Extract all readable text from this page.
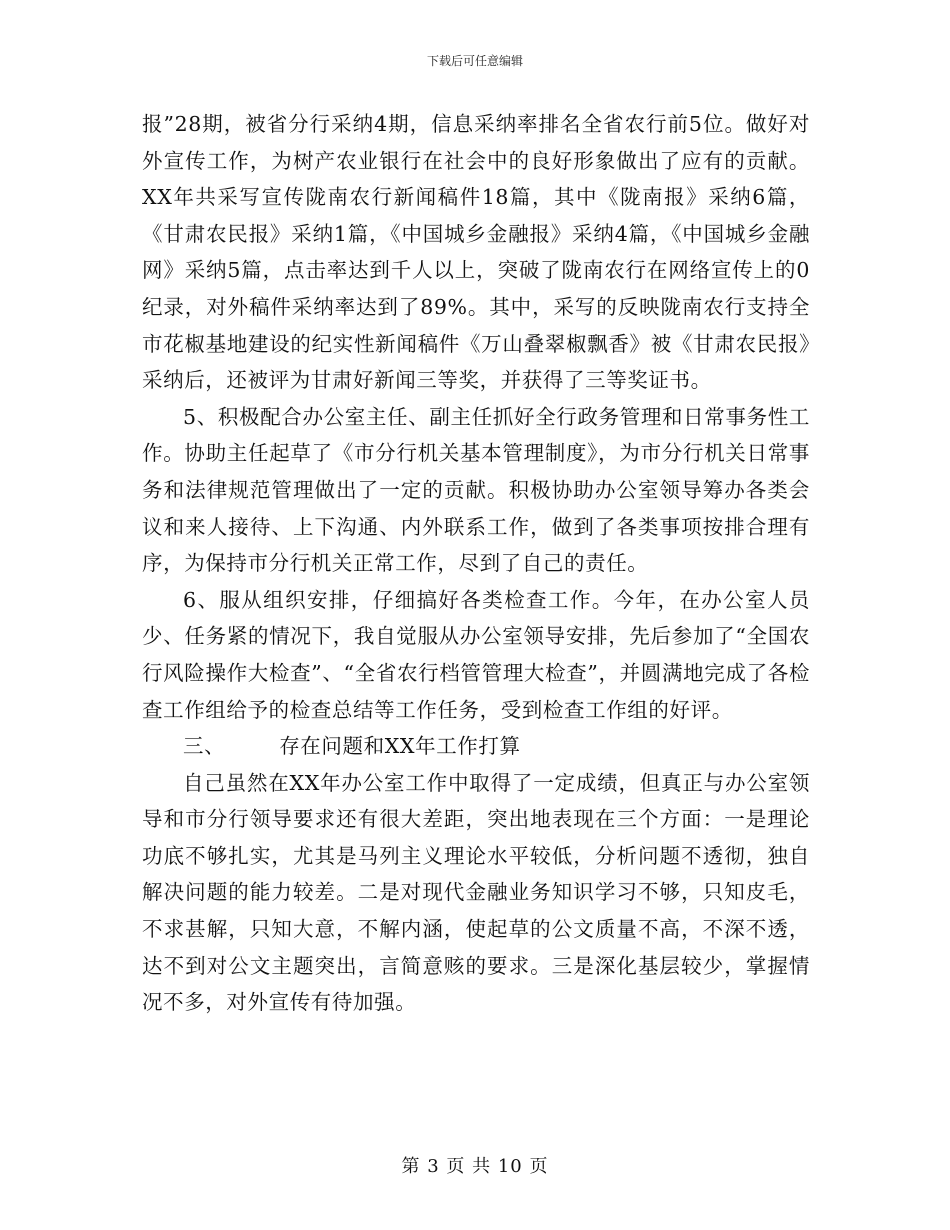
下载后可任意编辑

报”28期，被省分行采纳4期，信息采纳率排名全省农行前5位。做好对外宣传工作，为树产农业银行在社会中的良好形象做出了应有的贡献。XX年共采写宣传陇南农行新闻稿件18篇，其中《陇南报》采纳6篇，《甘肃农民报》采纳1篇，《中国城乡金融报》采纳4篇，《中国城乡金融网》采纳5篇，点击率达到千人以上，突破了陇南农行在网络宣传上的0纪录，对外稿件采纳率达到了89%。其中，采写的反映陇南农行支持全市花椒基地建设的纪实性新闻稿件《万山叠翠椒飘香》被《甘肃农民报》采纳后，还被评为甘肃好新闻三等奖，并获得了三等奖证书。

5、积极配合办公室主任、副主任抓好全行政务管理和日常事务性工作。协助主任起草了《市分行机关基本管理制度》，为市分行机关日常事务和法律规范管理做出了一定的贡献。积极协助办公室领导筹办各类会议和来人接待、上下沟通、内外联系工作，做到了各类事项按排合理有序，为保持市分行机关正常工作，尽到了自己的责任。

6、服从组织安排，仔细搞好各类检查工作。今年，在办公室人员少、任务紧的情况下，我自觉服从办公室领导安排，先后参加了“全国农行风险操作大检查”、“全省农行档管管理大检查”，并圆满地完成了各检查工作组给予的检查总结等工作任务，受到检查工作组的好评。

三、	存在问题和XX年工作打算

自己虽然在XX年办公室工作中取得了一定成绩，但真正与办公室领导和市分行领导要求还有很大差距，突出地表现在三个方面：一是理论功底不够扎实，尤其是马列主义理论水平较低，分析问题不透彻，独自解决问题的能力较差。二是对现代金融业务知识学习不够，只知皮毛，不求甚解，只知大意，不解内涵，使起草的公文质量不高，不深不透，达不到对公文主题突出，言简意赅的要求。三是深化基层较少，掌握情况不多，对外宣传有待加强。

第 3 页 共 10 页
